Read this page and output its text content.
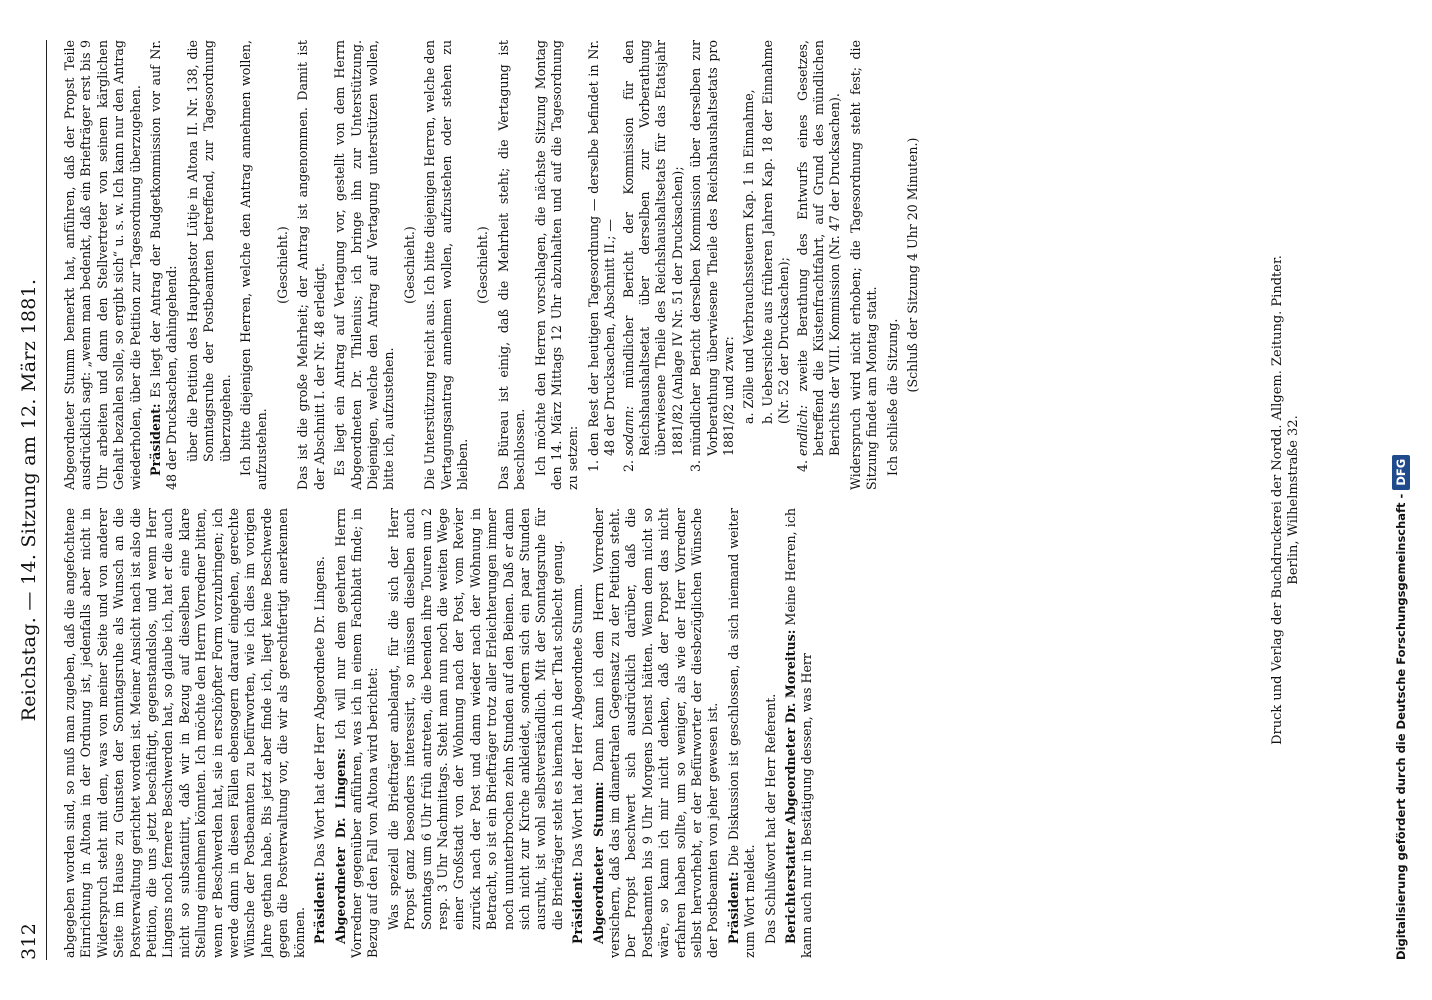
312
Reichstag. — 14. Sitzung am 12. März 1881.

abgegeben worden sind, so muß man zugeben, daß die angefochtene Einrichtung in Altona in der Ordnung ist, jedenfalls aber nicht in Widerspruch steht mit dem, was von meiner Seite und von anderer Seite im Hause zu Gunsten der Sonntagsruhe als Wunsch an die Postverwaltung gerichtet worden ist. Meiner Ansicht nach ist also die Petition, die uns jetzt beschäftigt, gegenstandslos, und wenn Herr Lingens noch fernere Beschwerden hat, so glaube ich, hat er die auch nicht so substantiirt, daß wir in Bezug auf dieselben eine klare Stellung einnehmen könnten. Ich möchte den Herrn Vorredner bitten, wenn er Beschwerden hat, sie in erschöpfter Form vorzubringen; ich werde dann in diesen Fällen ebensogern darauf eingehen, gerechte Wünsche der Postbeamten zu befürworten, wie ich dies im vorigen Jahre gethan habe. Bis jetzt aber finde ich, liegt keine Beschwerde gegen die Postverwaltung vor, die wir als gerechtfertigt anerkennen können. Präsident: Das Wort hat der Herr Abgeordnete Dr. Lingens. Abgeordneter Dr. Lingens: Ich will nur dem geehrten Herrn Vorredner gegenüber anführen, was ich in einem Fachblatt finde; in Bezug auf den Fall von Altona wird berichtet: Was speziell die Briefträger anbelangt, für die sich der Herr Propst ganz besonders interessirt, so müssen dieselben auch Sonntags um 6 Uhr früh antreten, die beenden ihre Touren um 2 resp. 3 Uhr Nachmittags. Steht man nun noch die weiten Wege einer Großstadt von der Wohnung nach der Post, vom Revier zurück nach der Post und dann wieder nach der Wohnung in Betracht, so ist ein Briefträger trotz aller Erleichterungen immer noch ununterbrochen zehn Stunden auf den Beinen. Daß er dann sich nicht zur Kirche ankleidet, sondern sich ein paar Stunden ausruht, ist wohl selbstverständlich. Mit der Sonntagsruhe für die Briefträger steht es hiernach in der That schlecht genug. Präsident: Das Wort hat der Herr Abgeordnete Stumm. Abgeordneter Stumm: Dann kann ich dem Herrn Vorredner versichern, daß das im diametralen Gegensatz zu der Petition steht. Der Propst beschwert sich ausdrücklich darüber, daß die Postbeamten bis 9 Uhr Morgens Dienst hätten. Wenn dem nicht so wäre, so kann ich mir nicht denken, daß der Propst das nicht erfahren haben sollte, um so weniger, als wie der Herr Vorredner selbst hervorhebt, er der Befürworter der diesbezüglichen Wünsche der Postbeamten von jeher gewesen ist. Präsident: Die Diskussion ist geschlossen, da sich niemand weiter zum Wort meldet. Das Schlußwort hat der Herr Referent. Berichterstatter Abgeordneter Dr. Moreitus: Meine Herren, ich kann auch nur in Bestätigung dessen, was Herr

Abgeordneter Stumm bemerkt hat, anführen, daß der Propst Teile ausdrücklich sagt: „wenn man bedenkt, daß ein Briefträger erst bis 9 Uhr arbeiten und dann den Stellvertreter von seinem kärglichen Gehalt bezahlen solle, so ergibt sich“ u. s. w. Ich kann nur den Antrag wiederholen, über die Petition zur Tagesordnung überzugehen. Präsident: Es liegt der Antrag der Budgetkommission vor auf Nr. 48 der Drucksachen, dahingehend: über die Petition des Hauptpastor Lütje in Altona II. Nr. 138, die Sonntagsruhe der Postbeamten betreffend, zur Tagesordnung überzugehen. Ich bitte diejenigen Herren, welche den Antrag annehmen wollen, aufzustehen.

(Geschieht.) Das ist die große Mehrheit; der Antrag ist angenommen. Damit ist der Abschnitt I. der Nr. 48 erledigt. Es liegt ein Antrag auf Vertagung vor, gestellt von dem Herrn Abgeordneten Dr. Thilenius; ich bringe ihn zur Unterstützung. Diejenigen, welche den Antrag auf Vertagung unterstützen wollen, bitte ich, aufzustehen.

(Geschieht.) Die Unterstützung reicht aus. Ich bitte diejenigen Herren, welche den Vertagungsantrag annehmen wollen, aufzustehen oder stehen zu bleiben.

(Geschieht.) Das Büreau ist einig, daß die Mehrheit steht; die Vertagung ist beschlossen. Ich möchte den Herren vorschlagen, die nächste Sitzung Montag den 14. März Mittags 12 Uhr abzuhalten und auf die Tagesordnung zu setzen:

1. den Rest der heutigen Tagesordnung — derselbe befindet in Nr. 48 der Drucksachen, Abschnitt II.; — 2. sodann: mündlicher Bericht der Kommission für den Reichshaushaltsetat über derselben zur Vorberathung überwiesene Theile des Reichshaushaltsetats für das Etatsjahr 1881/82 (Anlage IV Nr. 51 der Drucksachen); 3. mündlicher Bericht derselben Kommission über derselben zur Vorberathung überwiesene Theile des Reichshaushaltsetats pro 1881/82 und zwar: a. Zölle und Verbrauchssteuern Kap. 1 in Einnahme, b. Uebersichte aus früheren Jahren Kap. 18 der Einnahme (Nr. 52 der Drucksachen); 4. endlich: zweite Berathung des Entwurfs eines Gesetzes, betreffend die Küstenfrachtfahrt, auf Grund des mündlichen Berichts der VIII. Kommission (Nr. 47 der Drucksachen). Widerspruch wird nicht erhoben; die Tagesordnung steht fest; die Sitzung findet am Montag statt. Ich schließe die Sitzung.

(Schluß der Sitzung 4 Uhr 20 Minuten.)	Druck und Verlag der Buchdruckerei der Nordd. Allgem. Zeitung. Pindter. Berlin, Wilhelmstraße 32.	Digitalisierung gefördert durch die Deutsche Forschungsgemeinschaft -DFG
